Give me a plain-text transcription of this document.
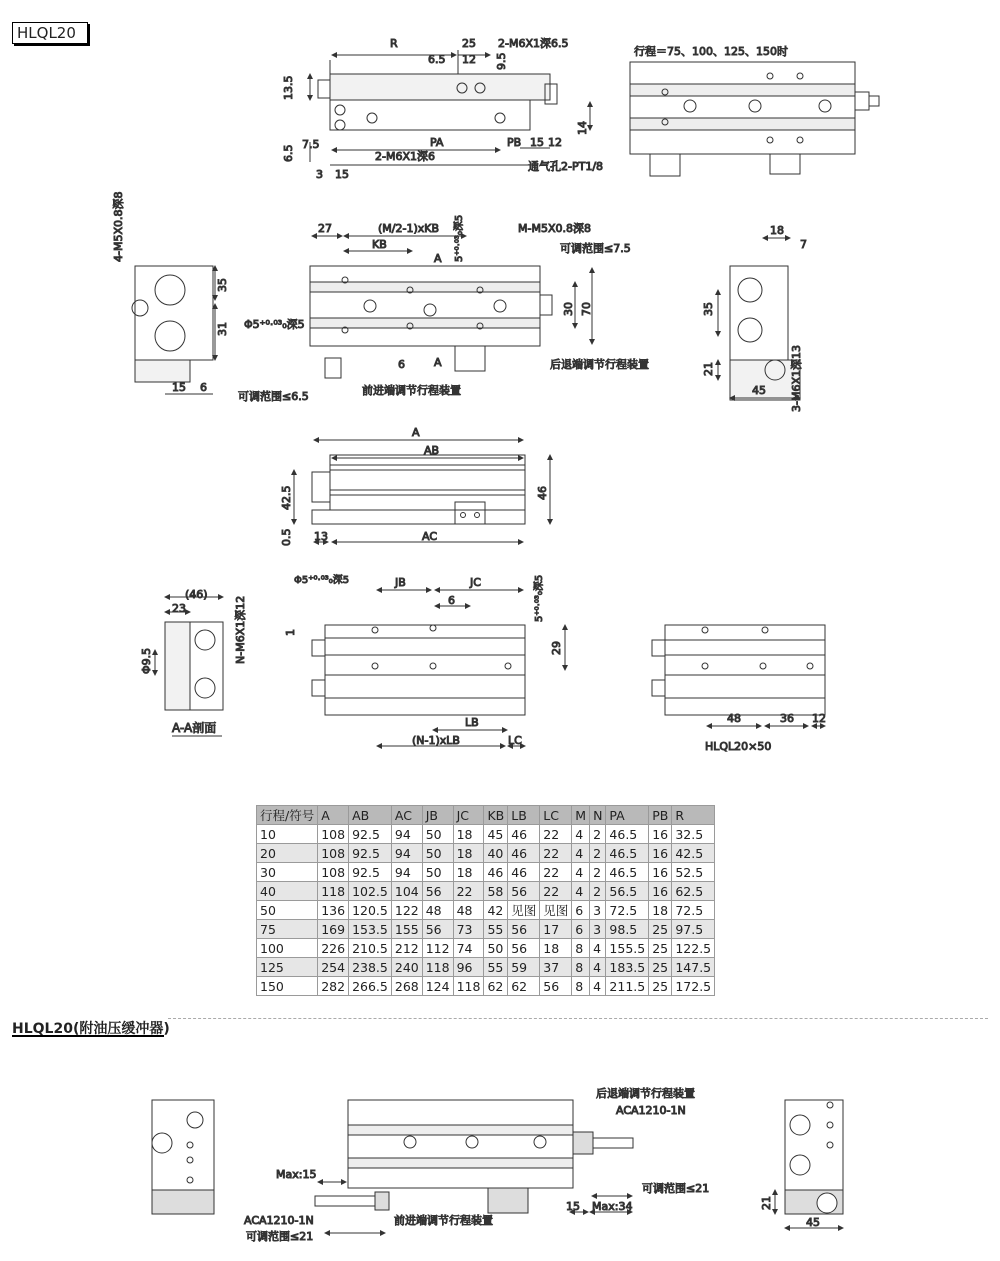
HLQL20
R	25 2-M6X1深6.5
6.5 12 9.5
13.5
6.5 7.5	PA	PB 15 12
14
2-M6X1深6
通气孔2-PT1/8
3 15
行程＝75、100、125、150时
4-M5X0.8深8
35
31
15 6
27	(M/2-1)xKB
KB	5⁺⁰·⁰³₀深5	M-M5X0.8深8
可调范围≤7.5
A
A
30 70
Φ5⁺⁰·⁰³₀深5
6	后退端调节行程装置
前进端调节行程装置
可调范围≤6.5
18
7
35
21
45 3-M6X1深13
A
AB
42.5
0.5 13	AC
46
(46)
23
Φ9.5	N-M6X1深12
A-A剖面
Φ5⁺⁰·⁰³₀深5	JB	JC
6	5⁺⁰·⁰³₀深5
1
29
LB
(N-1)xLB	LC
48	36 12
HLQL20×50
后退端调节行程装置
ACA1210-1N
Max:15
ACA1210-1N
可调范围≤21
前进端调节行程装置
15 Max:34
可调范围≤21
21
45
行程/符号	A	AB	AC	JB	JC	KB	LB	LC	M	N	PA	PB	R
10	108	92.5	94	50	18	45	46	22	4	2	46.5	16	32.5
20	108	92.5	94	50	18	40	46	22	4	2	46.5	16	42.5
30	108	92.5	94	50	18	46	46	22	4	2	46.5	16	52.5
40	118	102.5	104	56	22	58	56	22	4	2	56.5	16	62.5
50	136	120.5	122	48	48	42	见图	见图	6	3	72.5	18	72.5
75	169	153.5	155	56	73	55	56	17	6	3	98.5	25	97.5
100	226	210.5	212	112	74	50	56	18	8	4	155.5	25	122.5
125	254	238.5	240	118	96	55	59	37	8	4	183.5	25	147.5
150	282	266.5	268	124	118	62	62	56	8	4	211.5	25	172.5
HLQL20(附油压缓冲器)
